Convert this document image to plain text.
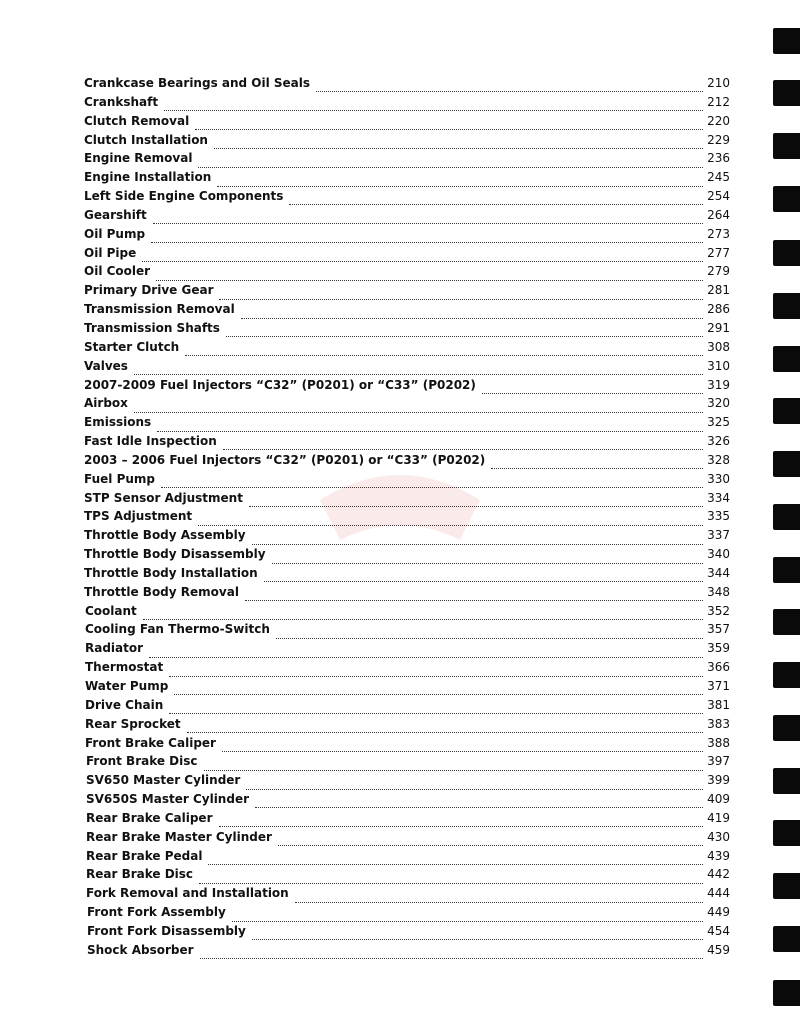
Crankcase Bearings and Oil Seals	210
Crankshaft	212
Clutch Removal	220
Clutch Installation	229
Engine Removal	236
Engine Installation	245
Left Side Engine Components	254
Gearshift	264
Oil Pump	273
Oil Pipe	277
Oil Cooler	279
Primary Drive Gear	281
Transmission Removal	286
Transmission Shafts	291
Starter Clutch	308
Valves	310
2007-2009 Fuel Injectors “C32” (P0201) or “C33” (P0202)	319
Airbox	320
Emissions	325
Fast Idle Inspection	326
2003 – 2006 Fuel Injectors “C32” (P0201) or “C33” (P0202)	328
Fuel Pump	330
STP Sensor Adjustment	334
TPS Adjustment	335
Throttle Body Assembly	337
Throttle Body Disassembly	340
Throttle Body Installation	344
Throttle Body Removal	348
Coolant	352
Cooling Fan Thermo-Switch	357
Radiator	359
Thermostat	366
Water Pump	371
Drive Chain	381
Rear Sprocket	383
Front Brake Caliper	388
Front Brake Disc	397
SV650 Master Cylinder	399
SV650S Master Cylinder	409
Rear Brake Caliper	419
Rear Brake Master Cylinder	430
Rear Brake Pedal	439
Rear Brake Disc	442
Fork Removal and Installation	444
Front Fork Assembly	449
Front Fork Disassembly	454
Shock Absorber	459
